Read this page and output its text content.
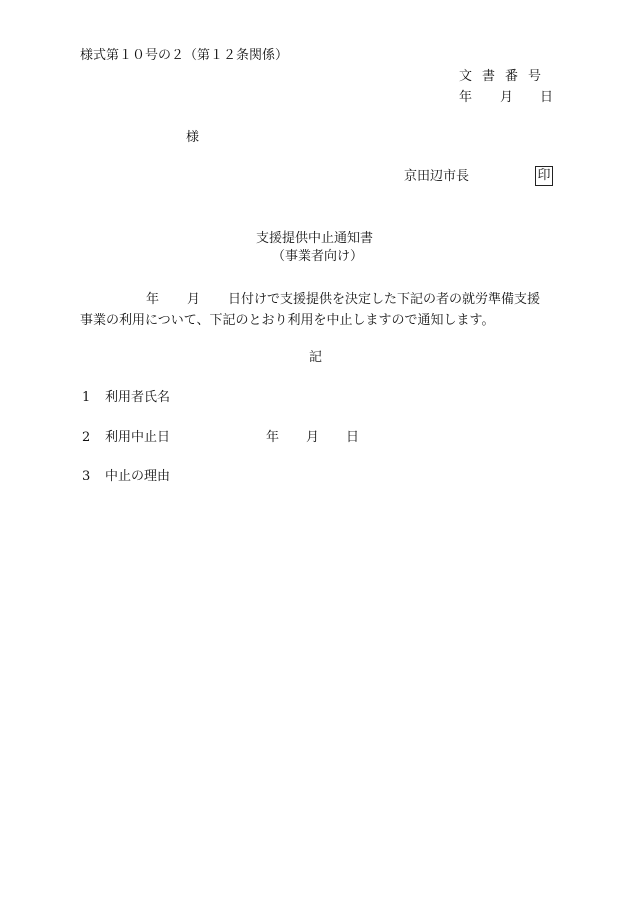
様式第１０号の２（第１２条関係）
文書番号
年 月 日
様
京田辺市長	印
支援提供中止通知書
（事業者向け）
年 月 日付けで支援提供を決定した下記の者の就労準備支援
事業の利用について、下記のとおり利用を中止しますので通知します。
記
1 利用者氏名
2 利用中止日	年 月 日
3 中止の理由
